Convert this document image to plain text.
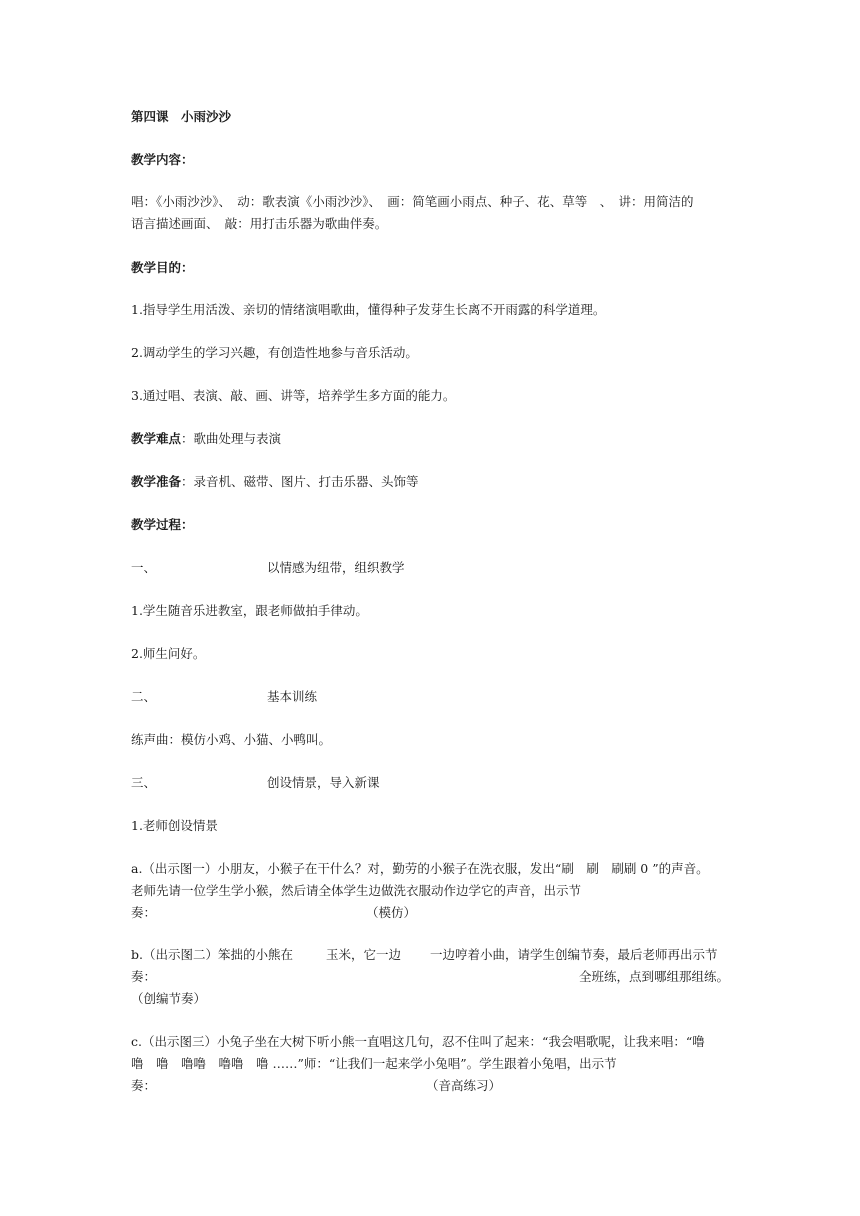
第四课　小雨沙沙
教学内容：
唱：《小雨沙沙》、　动：歌表演《小雨沙沙》、　画：简笔画小雨点、种子、花、草等　、　讲：用简洁的
语言描述画面、　敲：用打击乐器为歌曲伴奏。
教学目的：
1.指导学生用活泼、亲切的情绪演唱歌曲，懂得种子发芽生长离不开雨露的科学道理。
2.调动学生的学习兴趣，有创造性地参与音乐活动。
3.通过唱、表演、敲、画、讲等，培养学生多方面的能力。
教学难点：歌曲处理与表演
教学准备：录音机、磁带、图片、打击乐器、头饰等
教学过程：
一、	以情感为纽带，组织教学
1.学生随音乐进教室，跟老师做拍手律动。
2.师生问好。
二、	基本训练
练声曲：模仿小鸡、小猫、小鸭叫。
三、	创设情景，导入新课
1.老师创设情景
a.（出示图一）小朋友，小猴子在干什么？对，勤劳的小猴子在洗衣服，发出“刷　刷　刷刷 0 ”的声音。
老师先请一位学生学小猴，然后请全体学生边做洗衣服动作边学它的声音，出示节
奏：	（模仿）
b.（出示图二）笨拙的小熊在	玉米，它一边 一边哼着小曲，请学生创编节奏，最后老师再出示节
奏：	全班练，点到哪组那组练。
（创编节奏）
c.（出示图三）小兔子坐在大树下听小熊一直唱这几句，忍不住叫了起来：“我会唱歌呢，让我来唱：“噜
噜　噜　噜噜　噜噜　噜 ……”师：“让我们一起来学小兔唱”。学生跟着小兔唱，出示节
奏：	（音高练习）
